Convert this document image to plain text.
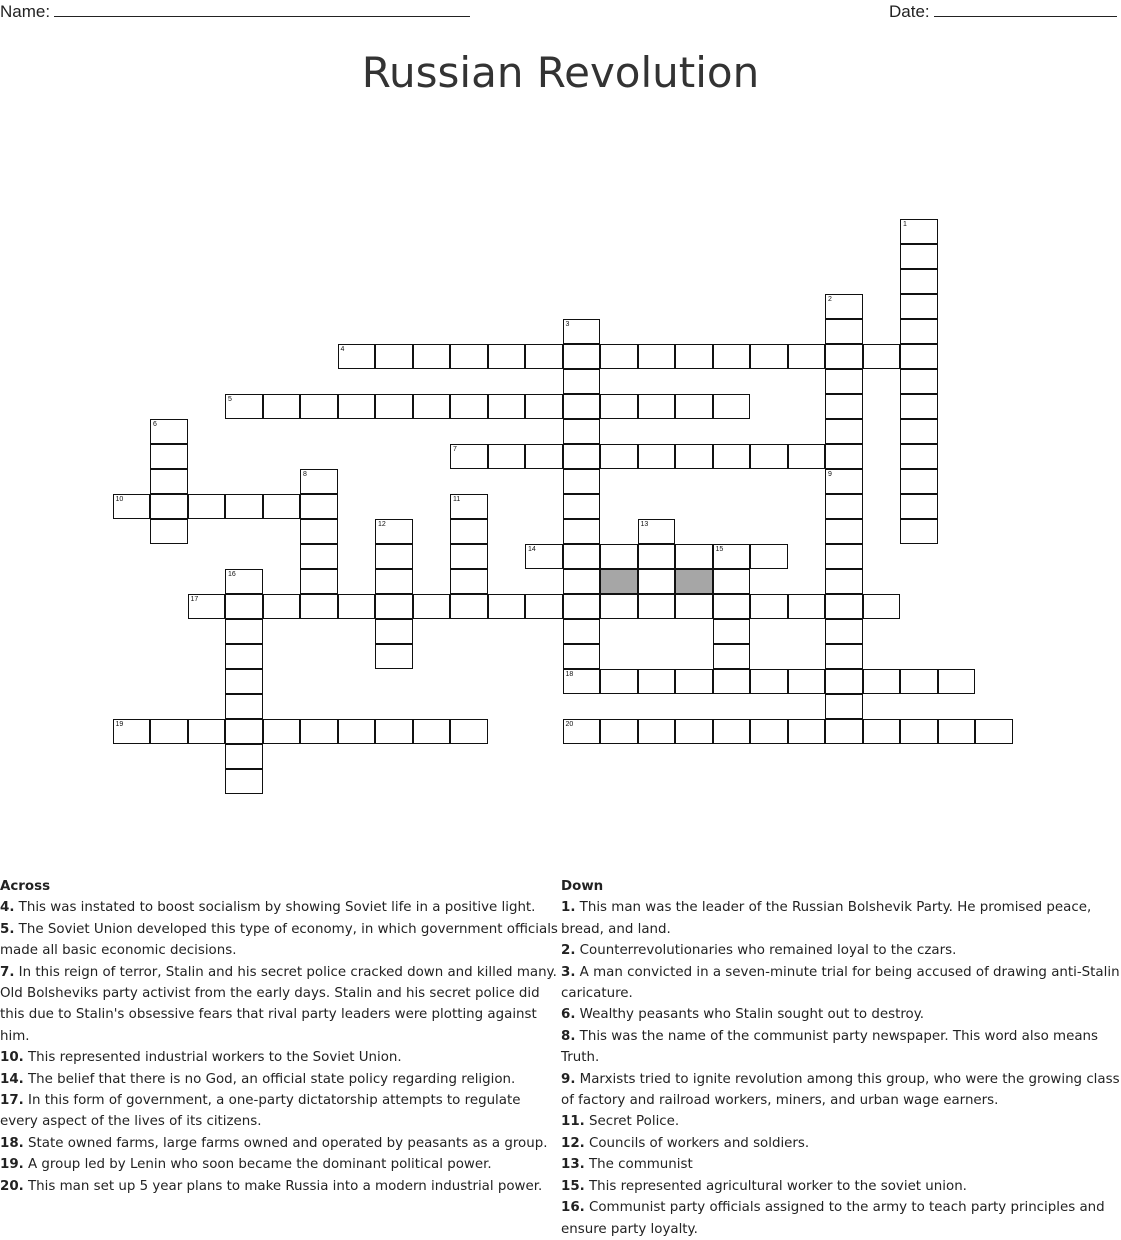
Name:	Date:
Russian Revolution
1
2
3
4
5
6
7
8	9
10	11
12	13
14	15
16
17
18
19	20
Across
4. This was instated to boost socialism by showing Soviet life in a positive light.
5. The Soviet Union developed this type of economy, in which government officials made all basic economic decisions.
7. In this reign of terror, Stalin and his secret police cracked down and killed many. Old Bolsheviks party activist from the early days. Stalin and his secret police did this due to Stalin's obsessive fears that rival party leaders were plotting against him.
10. This represented industrial workers to the Soviet Union.
14. The belief that there is no God, an official state policy regarding religion.
17. In this form of government, a one-party dictatorship attempts to regulate every aspect of the lives of its citizens.
18. State owned farms, large farms owned and operated by peasants as a group.
19. A group led by Lenin who soon became the dominant political power.
20. This man set up 5 year plans to make Russia into a modern industrial power.
Down
1. This man was the leader of the Russian Bolshevik Party. He promised peace, bread, and land.
2. Counterrevolutionaries who remained loyal to the czars.
3. A man convicted in a seven-minute trial for being accused of drawing anti-Stalin caricature.
6. Wealthy peasants who Stalin sought out to destroy.
8. This was the name of the communist party newspaper. This word also means Truth.
9. Marxists tried to ignite revolution among this group, who were the growing class of factory and railroad workers, miners, and urban wage earners.
11. Secret Police.
12. Councils of workers and soldiers.
13. The communist
15. This represented agricultural worker to the soviet union.
16. Communist party officials assigned to the army to teach party principles and ensure party loyalty.
